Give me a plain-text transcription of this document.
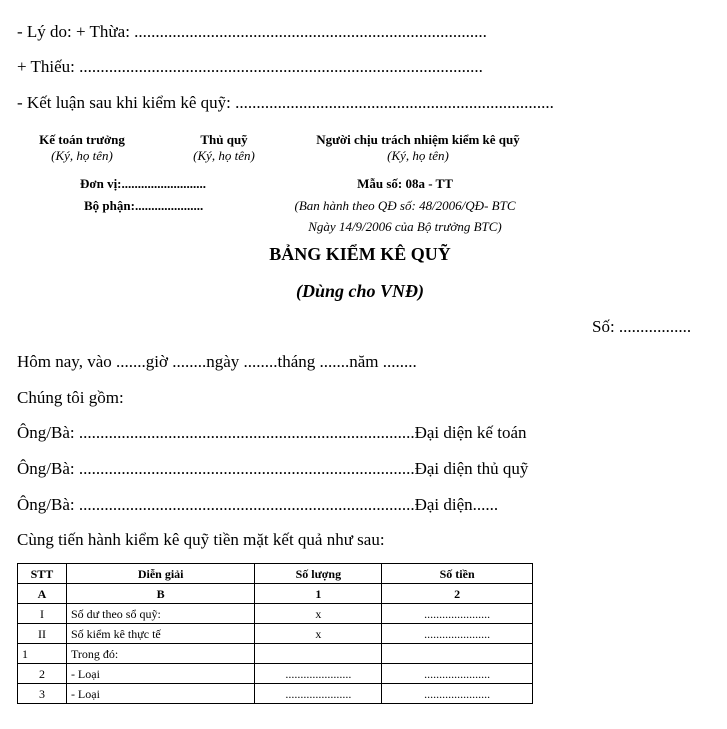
- Lý do: + Thừa: ...................................................................................
+ Thiếu: ...............................................................................................
- Kết luận sau khi kiểm kê quỹ: ...........................................................................
Kế toán trưởng
(Ký, họ tên)
Thủ quỹ
(Ký, họ tên)
Người chịu trách nhiệm kiểm kê quỹ
(Ký, họ tên)
Đơn vị:..........................
Bộ phận:.....................
Mẫu số: 08a - TT
(Ban hành theo QĐ số: 48/2006/QĐ- BTC
Ngày 14/9/2006 của Bộ trưởng BTC)
BẢNG KIỂM KÊ QUỸ
(Dùng cho VNĐ)
Số: .................
Hôm nay, vào .......giờ ........ngày ........tháng .......năm ........
Chúng tôi gồm:
Ông/Bà: ...............................................................................Đại diện kế toán
Ông/Bà: ...............................................................................Đại diện thủ quỹ
Ông/Bà: ...............................................................................Đại diện......
Cùng tiến hành kiểm kê quỹ tiền mặt kết quả như sau:
STT	Diễn giải	Số lượng	Số tiền
A	B	1	2
I	Số dư theo sổ quỹ:	x	......................
II	Số kiểm kê thực tế	x	......................
1	Trong đó:		
2	- Loại	......................	......................
3	- Loại	......................	......................
